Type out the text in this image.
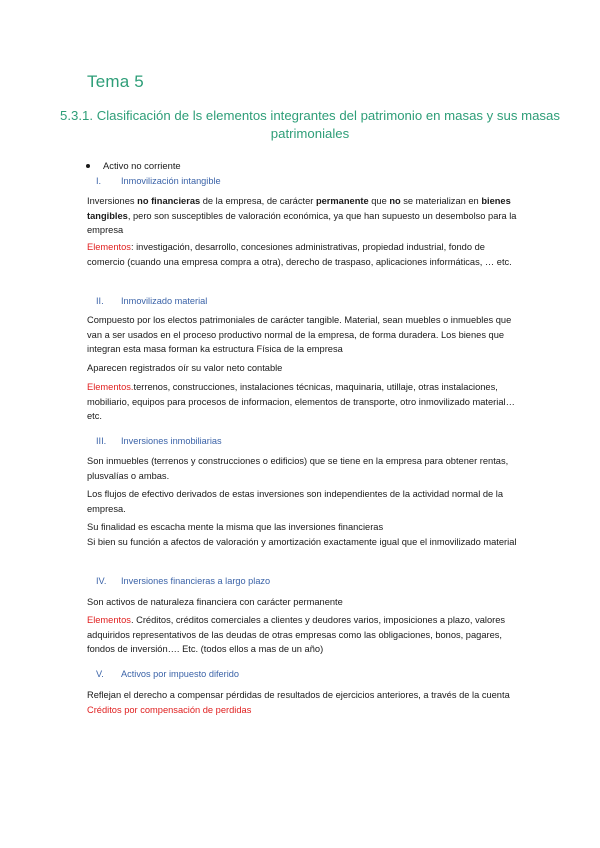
Tema 5
5.3.1. Clasificación de ls elementos integrantes del patrimonio en masas y sus masas patrimoniales
Activo no corriente
I.	Inmovilización intangible
Inversiones no financieras de la empresa, de carácter permanente que no se materializan en bienes tangibles, pero son susceptibles de valoración económica, ya que han supuesto un desembolso para la empresa
Elementos: investigación, desarrollo, concesiones administrativas, propiedad industrial, fondo de comercio (cuando una empresa compra a otra), derecho de traspaso, aplicaciones informáticas, … etc.
II.	Inmovilizado material
Compuesto por los electos patrimoniales de carácter tangible. Material, sean muebles o inmuebles que van a ser usados en el proceso productivo normal de la empresa, de forma duradera. Los bienes que integran esta masa forman ka estructura Física de la empresa
Aparecen registrados oír su valor neto contable
Elementos.terrenos, construcciones, instalaciones técnicas, maquinaria, utillaje, otras instalaciones, mobiliario, equipos para procesos de informacion, elementos de transporte, otro inmovilizado material…etc.
III.	Inversiones inmobiliarias
Son inmuebles (terrenos y construcciones o edificios) que se tiene en la empresa para obtener rentas, plusvalías o ambas.
Los flujos de efectivo derivados de estas inversiones son independientes de la actividad normal de la empresa.
Su finalidad es escacha mente la misma que las inversiones financieras
Si bien su función a afectos de valoración y amortización exactamente igual que el inmovilizado material
IV.	Inversiones financieras a largo plazo
Son activos de naturaleza financiera con carácter permanente
Elementos. Créditos, créditos comerciales a clientes y deudores varios, imposiciones a plazo, valores adquiridos representativos de las deudas de otras empresas como las obligaciones, bonos, pagares, fondos de inversión…. Etc. (todos ellos a mas de un año)
V.	Activos por impuesto diferido
Reflejan el derecho a compensar pérdidas de resultados de ejercicios anteriores, a través de la cuenta Créditos por compensación de perdidas
